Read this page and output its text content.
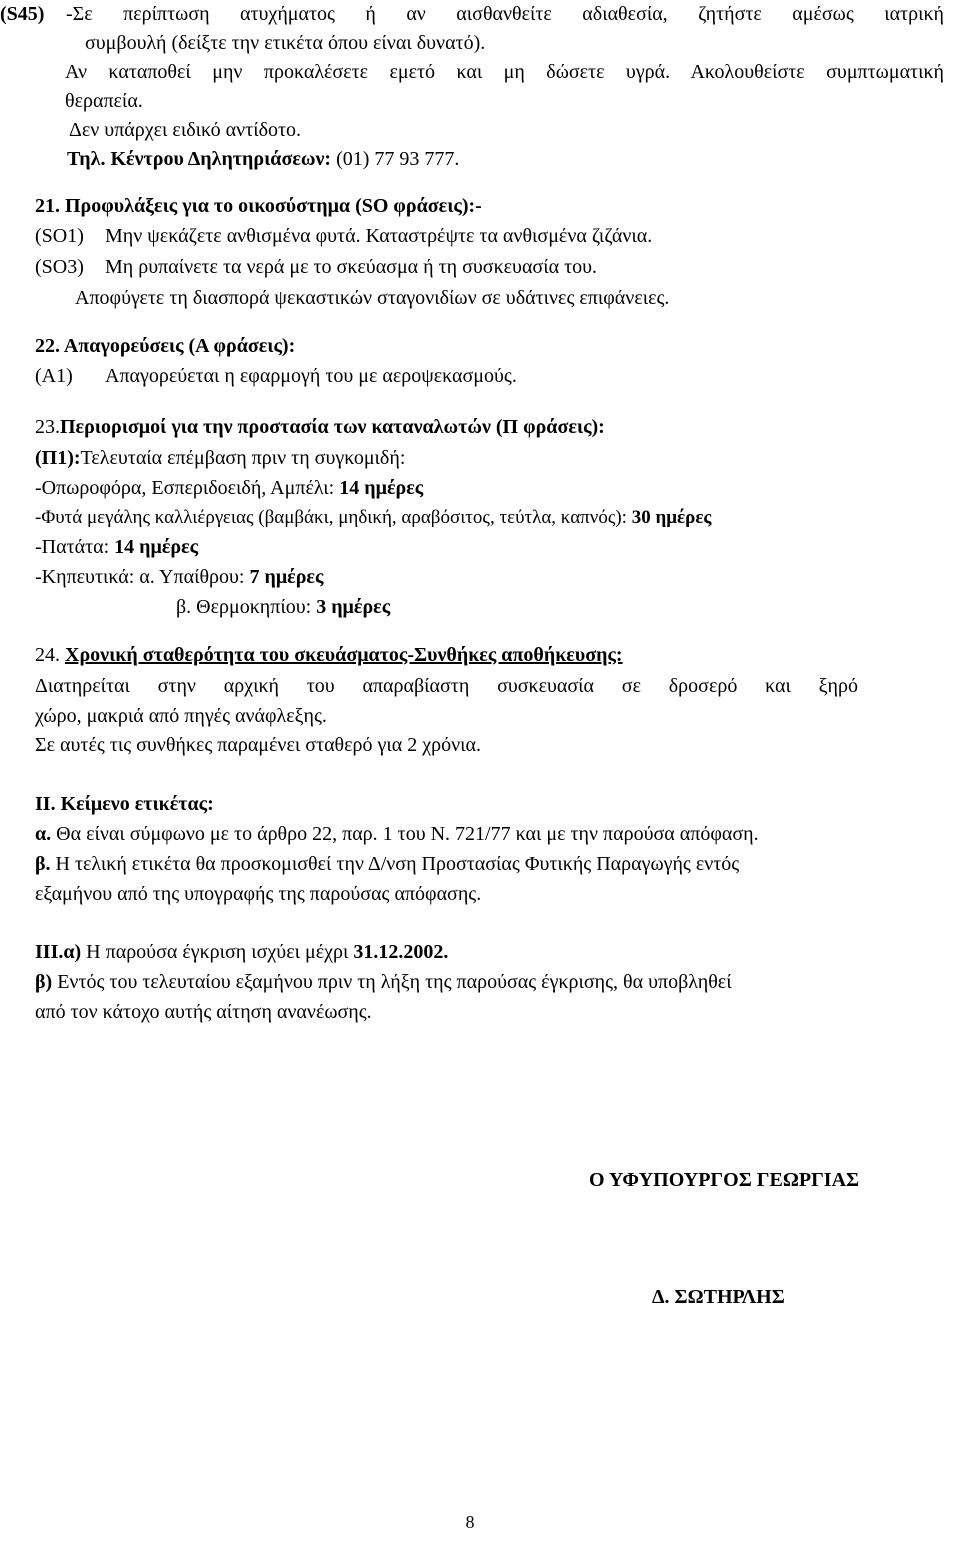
(S45) -Σε περίπτωση ατυχήματος ή αν αισθανθείτε αδιαθεσία, ζητήστε αμέσως ιατρική
συμβουλή (δείξτε την ετικέτα όπου είναι δυνατό).
Αν καταποθεί μην προκαλέσετε εμετό και μη δώσετε υγρά. Ακολουθείστε συμπτωματική
θεραπεία.
Δεν υπάρχει ειδικό αντίδοτο.
Τηλ. Κέντρου Δηλητηριάσεων: (01) 77 93 777.
21. Προφυλάξεις για το οικοσύστημα (SO φράσεις):-
(SO1) Μην ψεκάζετε ανθισμένα φυτά. Καταστρέψτε τα ανθισμένα ζιζάνια.
(SO3) Μη ρυπαίνετε τα νερά με το σκεύασμα ή τη συσκευασία του.
Αποφύγετε τη διασπορά ψεκαστικών σταγονιδίων σε υδάτινες επιφάνειες.
22. Απαγορεύσεις (Α φράσεις):
(Α1) Απαγορεύεται η εφαρμογή του με αεροψεκασμούς.
23.Περιορισμοί για την προστασία των καταναλωτών (Π φράσεις):
(Π1):Τελευταία επέμβαση πριν τη συγκομιδή:
-Οπωροφόρα, Εσπεριδοειδή, Αμπέλι: 14 ημέρες
-Φυτά μεγάλης καλλιέργειας (βαμβάκι, μηδική, αραβόσιτος, τεύτλα, καπνός): 30 ημέρες
-Πατάτα: 14 ημέρες
-Κηπευτικά: α. Υπαίθρου: 7 ημέρες
β. Θερμοκηπίου: 3 ημέρες
24. Χρονική σταθερότητα του σκευάσματος-Συνθήκες αποθήκευσης:
Διατηρείται στην αρχική του απαραβίαστη συσκευασία σε δροσερό και ξηρό
χώρο, μακριά από πηγές ανάφλεξης.
Σε αυτές τις συνθήκες παραμένει σταθερό για 2 χρόνια.
ΙΙ. Κείμενο ετικέτας:
α. Θα είναι σύμφωνο με το άρθρο 22, παρ. 1 του Ν. 721/77 και με την παρούσα απόφαση.
β. Η τελική ετικέτα θα προσκομισθεί την Δ/νση Προστασίας Φυτικής Παραγωγής εντός
εξαμήνου από της υπογραφής της παρούσας απόφασης.
ΙΙΙ.α) Η παρούσα έγκριση ισχύει μέχρι 31.12.2002.
β) Εντός του τελευταίου εξαμήνου πριν τη λήξη της παρούσας έγκρισης, θα υποβληθεί
από τον κάτοχο αυτής αίτηση ανανέωσης.
Ο ΥΦΥΠΟΥΡΓΟΣ ΓΕΩΡΓΙΑΣ
Δ. ΣΩΤΗΡΛΗΣ
8
